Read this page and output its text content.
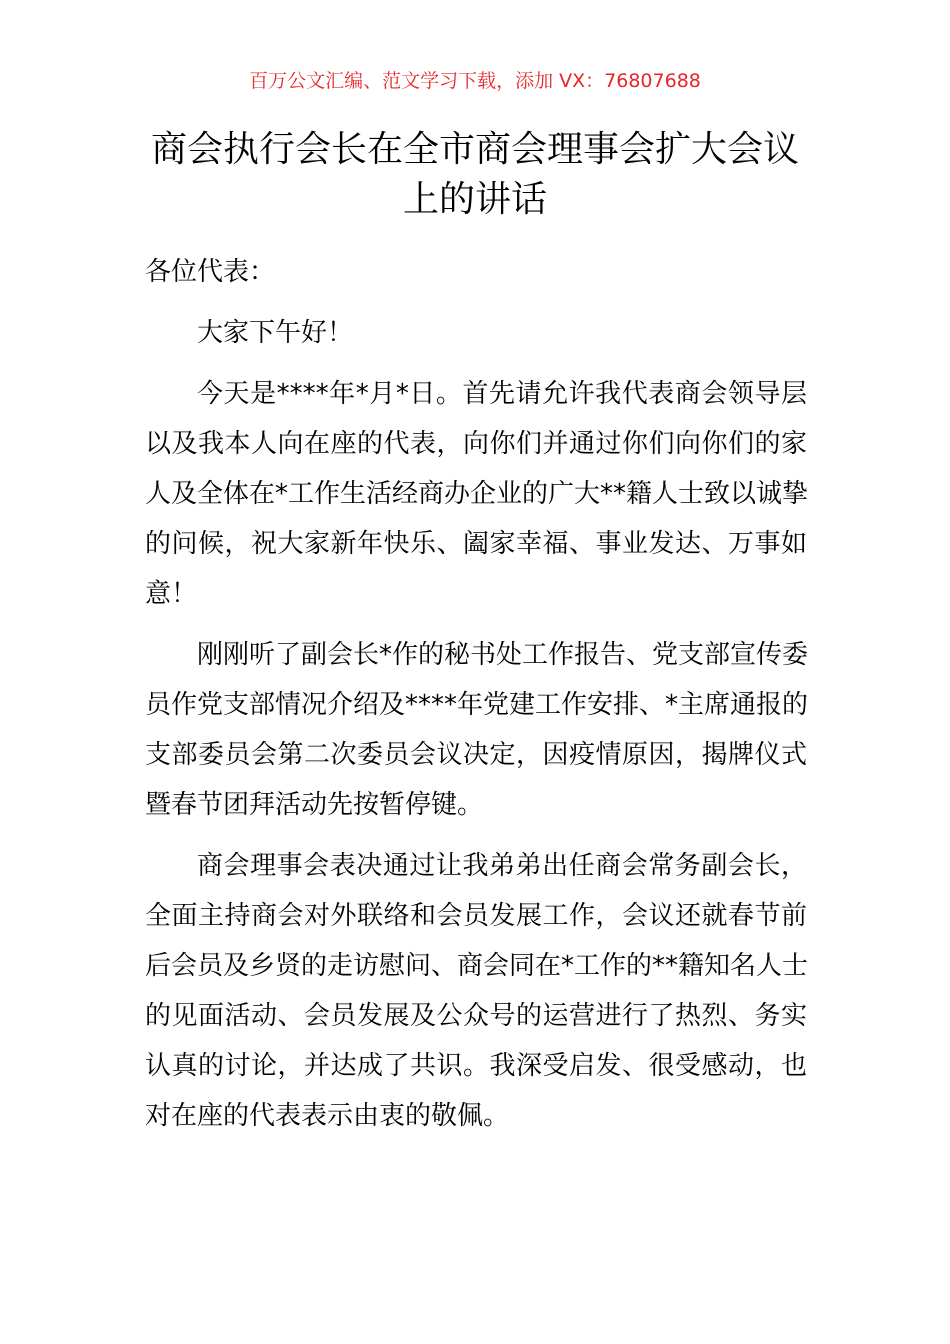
百万公文汇编、范文学习下载，添加 VX：76807688
商会执行会长在全市商会理事会扩大会议
上的讲话
各位代表：
大家下午好！
今天是****年*月*日。首先请允许我代表商会领导层
以及我本人向在座的代表，向你们并通过你们向你们的家
人及全体在*工作生活经商办企业的广大**籍人士致以诚挚
的问候，祝大家新年快乐、阖家幸福、事业发达、万事如
意！
刚刚听了副会长*作的秘书处工作报告、党支部宣传委
员作党支部情况介绍及****年党建工作安排、*主席通报的
支部委员会第二次委员会议决定，因疫情原因，揭牌仪式
暨春节团拜活动先按暂停键。
商会理事会表决通过让我弟弟出任商会常务副会长，
全面主持商会对外联络和会员发展工作，会议还就春节前
后会员及乡贤的走访慰问、商会同在*工作的**籍知名人士
的见面活动、会员发展及公众号的运营进行了热烈、务实
认真的讨论，并达成了共识。我深受启发、很受感动，也
对在座的代表表示由衷的敬佩。
